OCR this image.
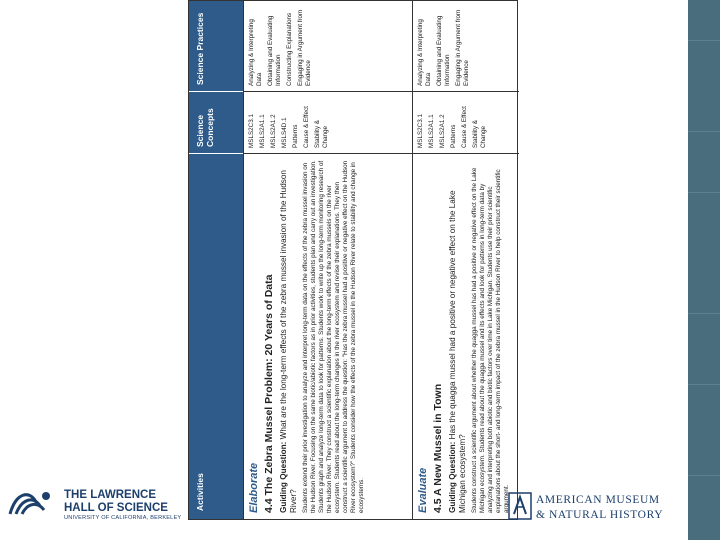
Activities
Science Concepts
Science Practices
Elaborate 4.4 The Zebra Mussel Problem: 20 Years of Data Guiding Question: What are the long-term effects of the zebra mussel invasion of the Hudson River? Students extend their prior investigation to analyze and interpret long-term data on the effects of the zebra mussel invasion on the Hudson River. Focusing on the same biotic/abiotic factors as in prior activities, students plan and carry out an investigation. Students graph and analyze long-term data to look for patterns. Students work to write up the long-term monitoring research of the Hudson River. They construct a scientific explanation about the long-term effects of the zebra mussels on the river ecosystem. Students read about the long-term changes in the river ecosystem and revise their explanations. They then construct a scientific argument to address the question: "Has the zebra mussel had a positive or negative effect on the Hudson River ecosystem?" Students consider how the effects of the zebra mussel in the Hudson River relate to stability and change in ecosystems.
MSLS2C3.1 MSLS2A1.1 MSLS2A1.2 MSLS4D.1 Patterns Cause & Effect Stability & Change
Analyzing & Interpreting Data Obtaining and Evaluating Information Constructing Explanations Engaging in Argument from Evidence
Evaluate 4.5 A New Mussel in Town Guiding Question: Has the quagga mussel had a positive or negative effect on the Lake Michigan ecosystem? Students construct a scientific argument about whether the quagga mussel has had a positive or negative effect on the Lake Michigan ecosystem. Students read about the quagga mussel and its effects and look for patterns in long-term data by analyzing and interpreting both abiotic and biotic factors over time in Lake Michigan. Students use their prior scientific explanations about the short- and long-term impact of the zebra mussel in the Hudson River to help construct their scientific argument.
MSLS2C3.1 MSLS2A1.1 MSLS2A1.2 Patterns Cause & Effect Stability & Change
Analyzing & Interpreting Data Obtaining and Evaluating Information Engaging in Argument from Evidence
THE LAWRENCE
HALL OF SCIENCE
UNIVERSITY OF CALIFORNIA, BERKELEY
AMERICAN MUSEUM
& NATURAL HISTORY
